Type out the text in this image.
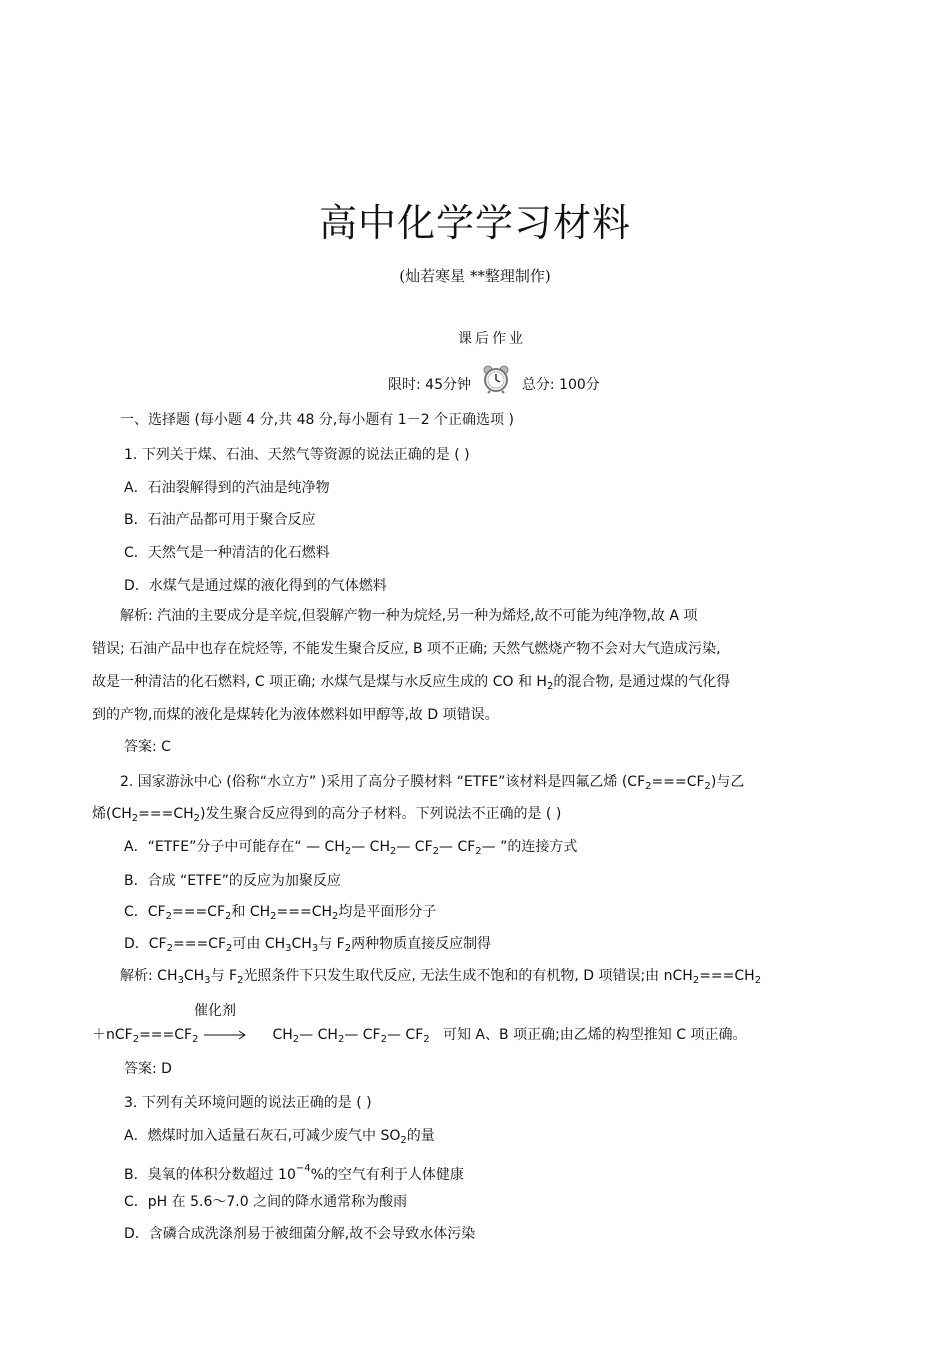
高中化学学习材料
(灿若寒星 **整理制作)
课后作业
限时: 45分钟	总分: 100分
一、选择题 (每小题 4 分,共 48 分,每小题有 1－2 个正确选项 )
1. 下列关于煤、石油、天然气等资源的说法正确的是 ( )
A．石油裂解得到的汽油是纯净物
B．石油产品都可用于聚合反应
C．天然气是一种清洁的化石燃料
D．水煤气是通过煤的液化得到的气体燃料
解析: 汽油的主要成分是辛烷,但裂解产物一种为烷烃,另一种为烯烃,故不可能为纯净物,故 A 项
错误; 石油产品中也存在烷烃等, 不能发生聚合反应, B 项不正确; 天然气燃烧产物不会对大气造成污染,
故是一种清洁的化石燃料, C 项正确; 水煤气是煤与水反应生成的 CO 和 $H_2$的混合物, 是通过煤的气化得
到的产物,而煤的液化是煤转化为液体燃料如甲醇等,故 D 项错误。
答案: C
2. 国家游泳中心 (俗称“水立方” )采用了高分子膜材料 “ETFE”该材料是四氟乙烯 $(CF_2===CF_2)$与乙
烯$(CH_2===CH_2)$发生聚合反应得到的高分子材料。下列说法不正确的是 ( )
A．“ETFE”分子中可能存在“ — $CH_2—$ $CH_2—$ $CF_2—$ $CF_2—$ ”的连接方式
B．合成 “ETFE”的反应为加聚反应
C．$CF_2===CF_2$和 $CH_2===CH_2$均是平面形分子
D．$CF_2===CF_2$可由 $CH_3CH_3$与 $F_2$两种物质直接反应制得
解析: $CH_3CH_3$与 $F_2$光照条件下只发生取代反应, 无法生成不饱和的有机物, D 项错误;由 $nCH_2===CH_2$
催化剂
$+nCF_2===CF_2$ → $CH_2—$ $CH_2—$ $CF_2—$ $CF_2$ 可知 A、B 项正确;由乙烯的构型推知 C 项正确。
答案: D
3. 下列有关环境问题的说法正确的是 ( )
A．燃煤时加入适量石灰石,可减少废气中 $SO_2$的量
B．臭氧的体积分数超过 $10^{-4}\%$的空气有利于人体健康
C．pH 在 5.6～7.0 之间的降水通常称为酸雨
D．含磷合成洗涤剂易于被细菌分解,故不会导致水体污染
